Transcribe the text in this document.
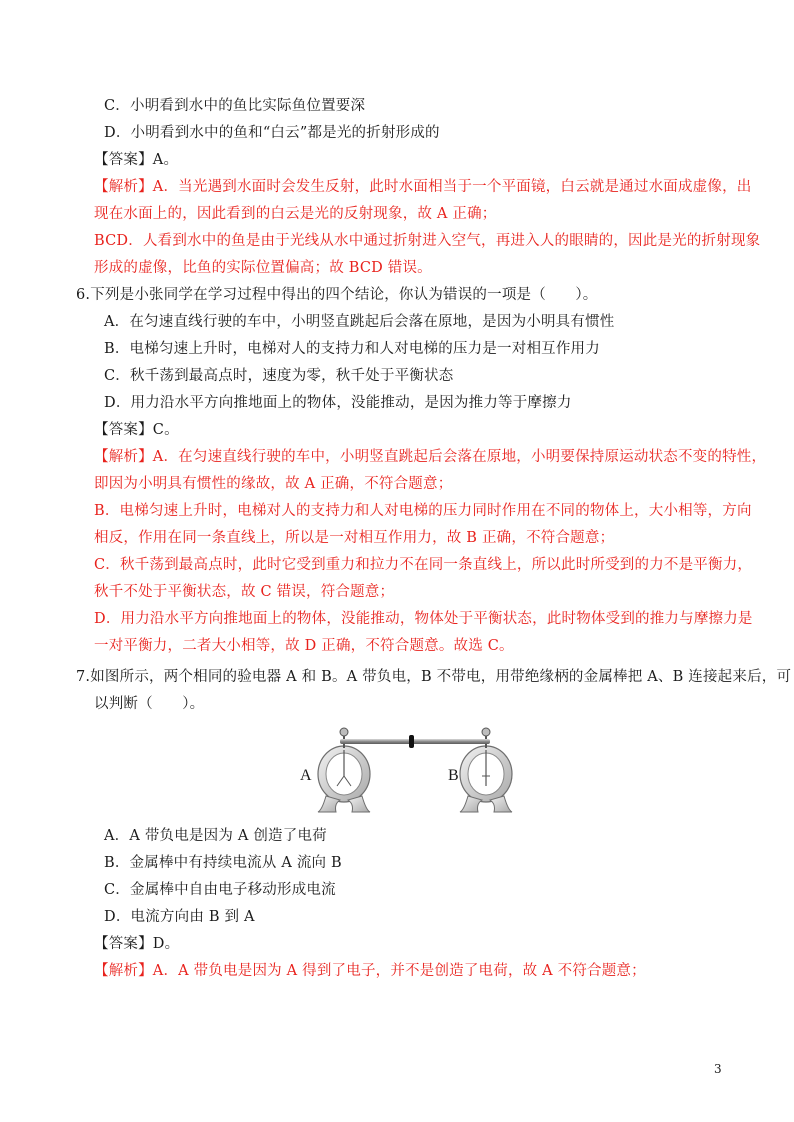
C．小明看到水中的鱼比实际鱼位置要深
D．小明看到水中的鱼和“白云”都是光的折射形成的
【答案】A。
【解析】A．当光遇到水面时会发生反射，此时水面相当于一个平面镜，白云就是通过水面成虚像，出
现在水面上的，因此看到的白云是光的反射现象，故 A 正确；
BCD．人看到水中的鱼是由于光线从水中通过折射进入空气，再进入人的眼睛的，因此是光的折射现象
形成的虚像，比鱼的实际位置偏高；故 BCD 错误。
6.下列是小张同学在学习过程中得出的四个结论，你认为错误的一项是（　　）。
A．在匀速直线行驶的车中，小明竖直跳起后会落在原地，是因为小明具有惯性
B．电梯匀速上升时，电梯对人的支持力和人对电梯的压力是一对相互作用力
C．秋千荡到最高点时，速度为零，秋千处于平衡状态
D．用力沿水平方向推地面上的物体，没能推动，是因为推力等于摩擦力
【答案】C。
【解析】A．在匀速直线行驶的车中，小明竖直跳起后会落在原地，小明要保持原运动状态不变的特性，
即因为小明具有惯性的缘故，故 A 正确，不符合题意；
B．电梯匀速上升时，电梯对人的支持力和人对电梯的压力同时作用在不同的物体上，大小相等，方向
相反，作用在同一条直线上，所以是一对相互作用力，故 B 正确，不符合题意；
C．秋千荡到最高点时，此时它受到重力和拉力不在同一条直线上，所以此时所受到的力不是平衡力，
秋千不处于平衡状态，故 C 错误，符合题意；
D．用力沿水平方向推地面上的物体，没能推动，物体处于平衡状态，此时物体受到的推力与摩擦力是
一对平衡力，二者大小相等，故 D 正确，不符合题意。故选 C。
7.如图所示，两个相同的验电器 A 和 B。A 带负电，B 不带电，用带绝缘柄的金属棒把 A、B 连接起来后，可
以判断（　　）。
A	B
A．A 带负电是因为 A 创造了电荷
B．金属棒中有持续电流从 A 流向 B
C．金属棒中自由电子移动形成电流
D．电流方向由 B 到 A
【答案】D。
【解析】A．A 带负电是因为 A 得到了电子，并不是创造了电荷，故 A 不符合题意；
3
